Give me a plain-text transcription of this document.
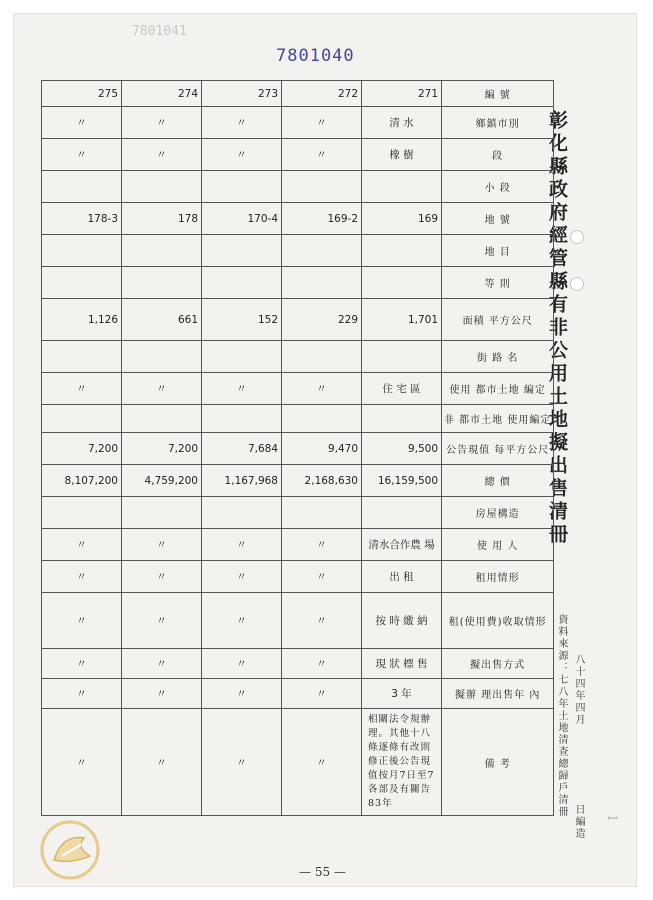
7801041
7801040
彰化縣政府經管縣有非公用土地擬出售清冊
資料來源：七八年土地清查總歸戶清冊 八十四年四月
日編造 1
— 55 —
275	274	273	272	271	編 號
〃	〃	〃	〃	清 水	鄉鎮市別
〃	〃	〃	〃	橡 樹	段
					小 段
178-3	178	170-4	169-2	169	地 號
					地 目
					等 則
1,126	661	152	229	1,701	面積 平方公尺
					街 路 名
〃	〃	〃	〃	住 宅 區	使用 都市土地 編定
					非 都市土地 使用編定
7,200	7,200	7,684	9,470	9,500	公告現值 每平方公尺
8,107,200	4,759,200	1,167,968	2,168,630	16,159,500	總 價
					房屋構造
〃	〃	〃	〃	清水合作農 場	使 用 人
〃	〃	〃	〃	出 租	租用情形
〃	〃	〃	〃	按 時 繳 納	租(使用費)收取情形
〃	〃	〃	〃	現 狀 標 售	擬出售方式
〃	〃	〃	〃	3 年	擬辦 理出售年 內
〃	〃	〃	〃	相關法令規辦理。其他十八條逐條有改則修正後公告現值按月7日至7各部及有關告83年	備 考
